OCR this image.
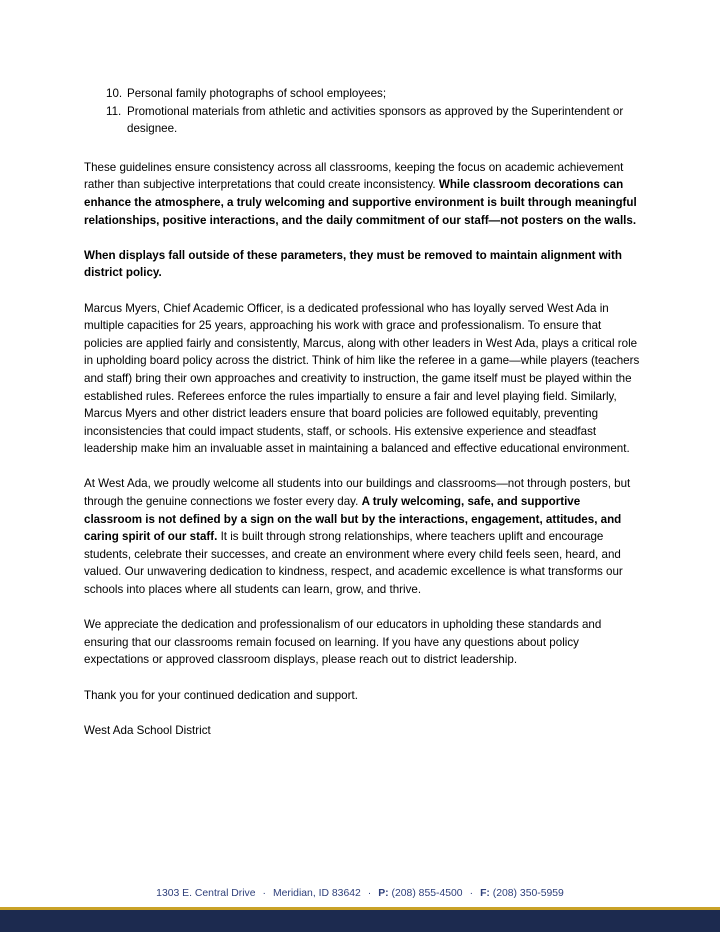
10. Personal family photographs of school employees;
11. Promotional materials from athletic and activities sponsors as approved by the Superintendent or designee.

These guidelines ensure consistency across all classrooms, keeping the focus on academic achievement rather than subjective interpretations that could create inconsistency. While classroom decorations can enhance the atmosphere, a truly welcoming and supportive environment is built through meaningful relationships, positive interactions, and the daily commitment of our staff—not posters on the walls.

When displays fall outside of these parameters, they must be removed to maintain alignment with district policy.

Marcus Myers, Chief Academic Officer, is a dedicated professional who has loyally served West Ada in multiple capacities for 25 years, approaching his work with grace and professionalism. To ensure that policies are applied fairly and consistently, Marcus, along with other leaders in West Ada, plays a critical role in upholding board policy across the district. Think of him like the referee in a game—while players (teachers and staff) bring their own approaches and creativity to instruction, the game itself must be played within the established rules. Referees enforce the rules impartially to ensure a fair and level playing field. Similarly, Marcus Myers and other district leaders ensure that board policies are followed equitably, preventing inconsistencies that could impact students, staff, or schools. His extensive experience and steadfast leadership make him an invaluable asset in maintaining a balanced and effective educational environment.

At West Ada, we proudly welcome all students into our buildings and classrooms—not through posters, but through the genuine connections we foster every day. A truly welcoming, safe, and supportive classroom is not defined by a sign on the wall but by the interactions, engagement, attitudes, and caring spirit of our staff. It is built through strong relationships, where teachers uplift and encourage students, celebrate their successes, and create an environment where every child feels seen, heard, and valued. Our unwavering dedication to kindness, respect, and academic excellence is what transforms our schools into places where all students can learn, grow, and thrive.

We appreciate the dedication and professionalism of our educators in upholding these standards and ensuring that our classrooms remain focused on learning. If you have any questions about policy expectations or approved classroom displays, please reach out to district leadership.

Thank you for your continued dedication and support.

West Ada School District

1303 E. Central Drive · Meridian, ID 83642 · P: (208) 855-4500 · F: (208) 350-5959
